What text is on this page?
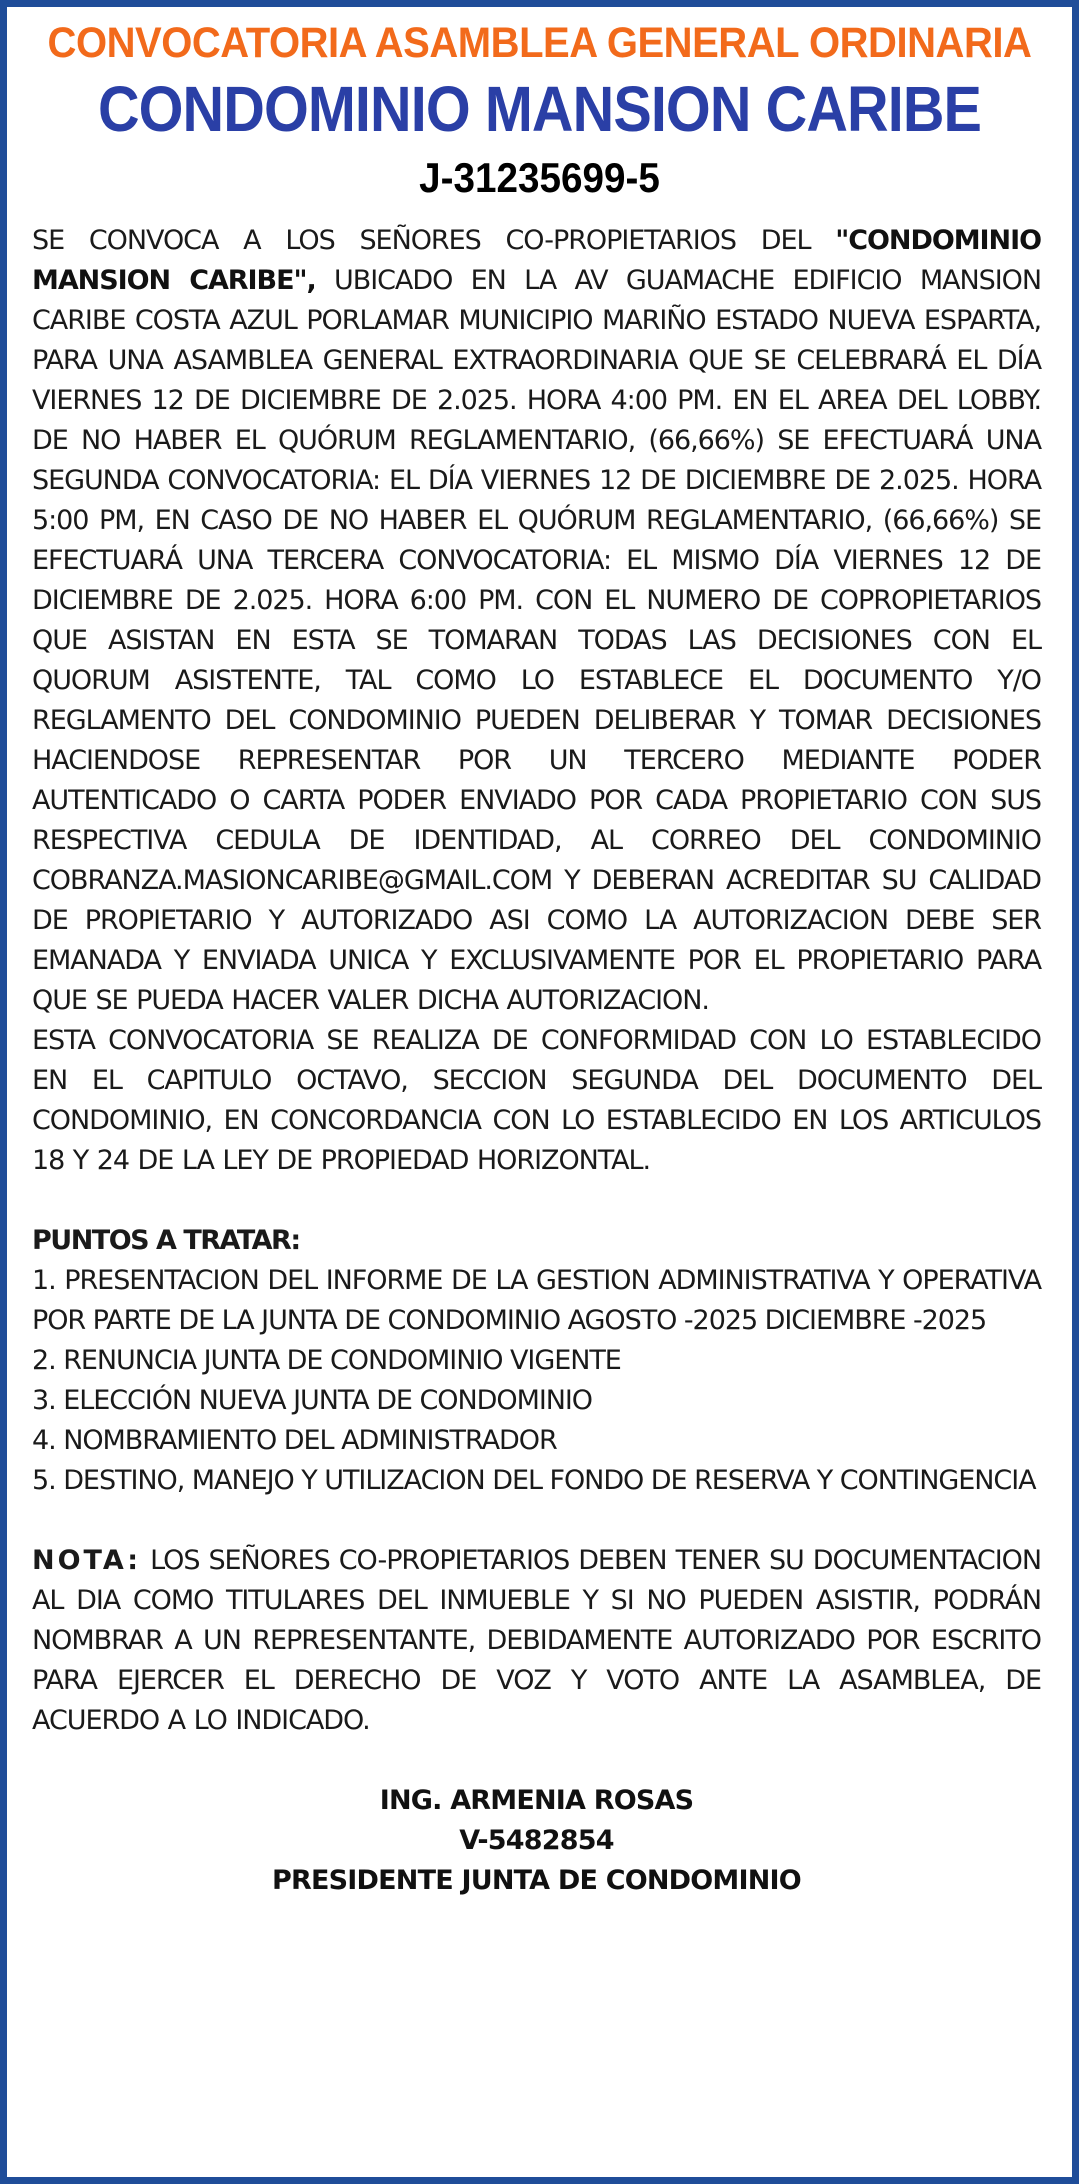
CONVOCATORIA ASAMBLEA GENERAL ORDINARIA
CONDOMINIO MANSION CARIBE
J-31235699-5

SE CONVOCA A LOS SEÑORES CO-PROPIETARIOS DEL "CONDOMINIO MANSION CARIBE", UBICADO EN LA AV GUAMACHE EDIFICIO MANSION CARIBE COSTA AZUL PORLAMAR MUNICIPIO MARIÑO ESTADO NUEVA ESPARTA, PARA UNA ASAMBLEA GENERAL EXTRAORDINARIA QUE SE CELEBRARÁ EL DÍA VIERNES 12 DE DICIEMBRE DE 2.025. HORA 4:00 PM. EN EL AREA DEL LOBBY. DE NO HABER EL QUÓRUM REGLAMENTARIO, (66,66%) SE EFECTUARÁ UNA SEGUNDA CONVOCATORIA: EL DÍA VIERNES 12 DE DICIEMBRE DE 2.025. HORA 5:00 PM, EN CASO DE NO HABER EL QUÓRUM REGLAMENTARIO, (66,66%) SE EFECTUARÁ UNA TERCERA CONVOCATORIA: EL MISMO DÍA VIERNES 12 DE DICIEMBRE DE 2.025. HORA 6:00 PM. CON EL NUMERO DE COPROPIETARIOS QUE ASISTAN EN ESTA SE TOMARAN TODAS LAS DECISIONES CON EL QUORUM ASISTENTE, TAL COMO LO ESTABLECE EL DOCUMENTO Y/O REGLAMENTO DEL CONDOMINIO PUEDEN DELIBERAR Y TOMAR DECISIONES HACIENDOSE REPRESENTAR POR UN TERCERO MEDIANTE PODER AUTENTICADO O CARTA PODER ENVIADO POR CADA PROPIETARIO CON SUS RESPECTIVA CEDULA DE IDENTIDAD, AL CORREO DEL CONDOMINIO COBRANZA.MASIONCARIBE@GMAIL.COM Y DEBERAN ACREDITAR SU CALIDAD DE PROPIETARIO Y AUTORIZADO ASI COMO LA AUTORIZACION DEBE SER EMANADA Y ENVIADA UNICA Y EXCLUSIVAMENTE POR EL PROPIETARIO PARA QUE SE PUEDA HACER VALER DICHA AUTORIZACION.

ESTA CONVOCATORIA SE REALIZA DE CONFORMIDAD CON LO ESTABLECIDO EN EL CAPITULO OCTAVO, SECCION SEGUNDA DEL DOCUMENTO DEL CONDOMINIO, EN CONCORDANCIA CON LO ESTABLECIDO EN LOS ARTICULOS 18 Y 24 DE LA LEY DE PROPIEDAD HORIZONTAL.

PUNTOS A TRATAR:

1. PRESENTACION DEL INFORME DE LA GESTION ADMINISTRATIVA Y OPERATIVA POR PARTE DE LA JUNTA DE CONDOMINIO AGOSTO -2025 DICIEMBRE -2025

2. RENUNCIA JUNTA DE CONDOMINIO VIGENTE

3. ELECCIÓN NUEVA JUNTA DE CONDOMINIO

4. NOMBRAMIENTO DEL ADMINISTRADOR

5. DESTINO, MANEJO Y UTILIZACION DEL FONDO DE RESERVA Y CONTINGENCIA

NOTA: LOS SEÑORES CO-PROPIETARIOS DEBEN TENER SU DOCUMENTACION AL DIA COMO TITULARES DEL INMUEBLE Y SI NO PUEDEN ASISTIR, PODRÁN NOMBRAR A UN REPRESENTANTE, DEBIDAMENTE AUTORIZADO POR ESCRITO PARA EJERCER EL DERECHO DE VOZ Y VOTO ANTE LA ASAMBLEA, DE ACUERDO A LO INDICADO.

ING. ARMENIA ROSAS
V-5482854
PRESIDENTE JUNTA DE CONDOMINIO
